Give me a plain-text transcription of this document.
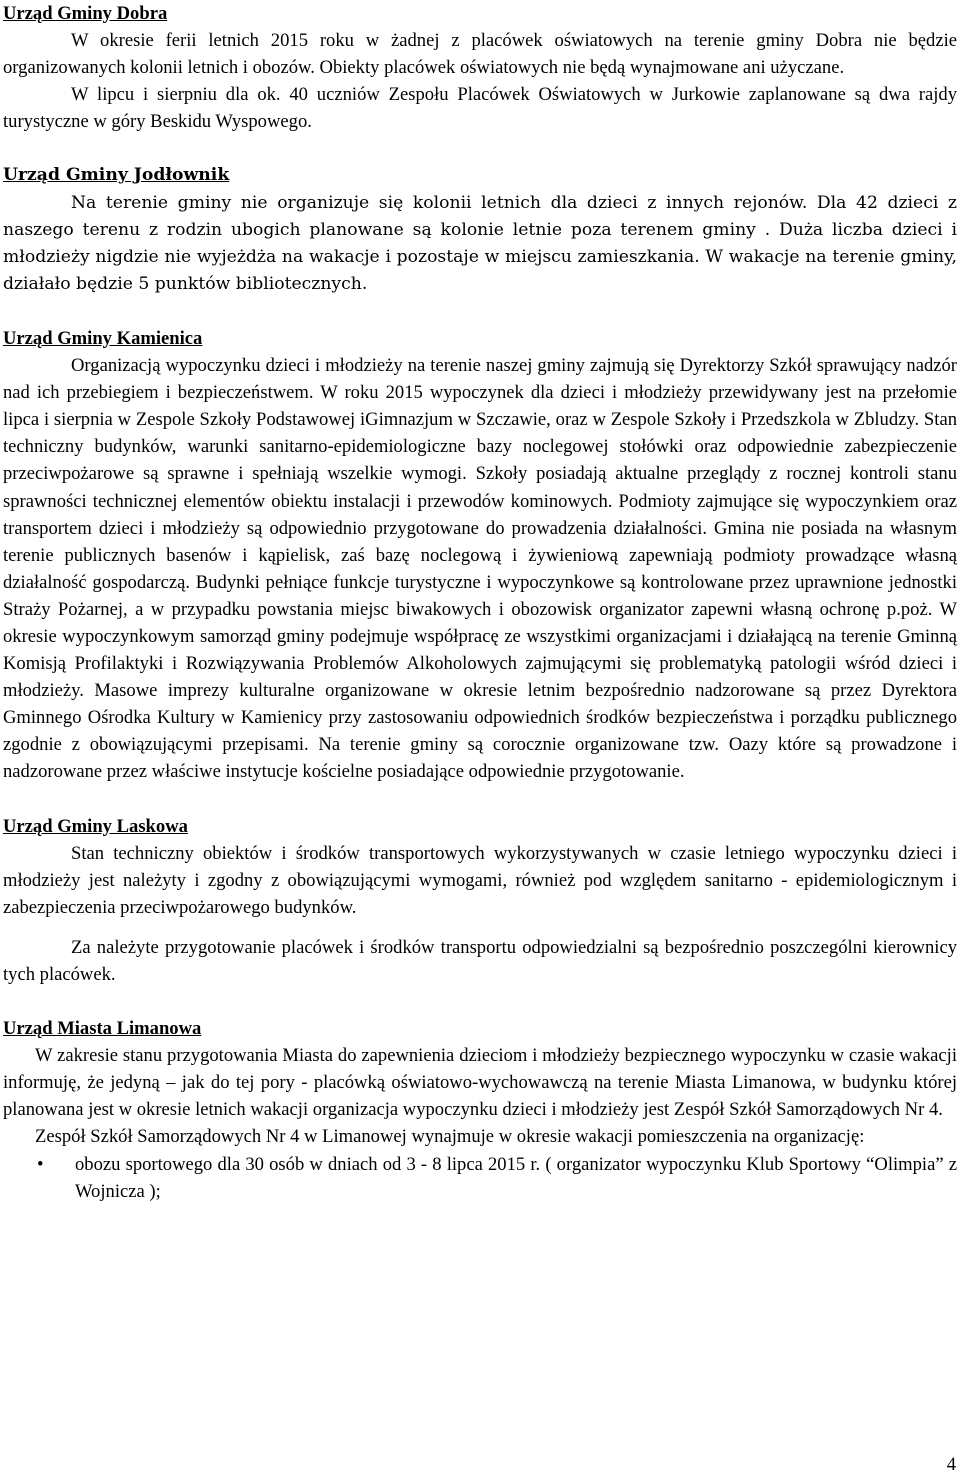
Urząd Gminy Dobra

W okresie ferii letnich 2015 roku w żadnej z placówek oświatowych na terenie gminy Dobra nie będzie organizowanych kolonii letnich i obozów. Obiekty placówek oświatowych nie będą wynajmowane ani użyczane.

W lipcu i sierpniu dla ok. 40 uczniów Zespołu Placówek Oświatowych w Jurkowie zaplanowane są dwa rajdy turystyczne w góry Beskidu Wyspowego.

Urząd Gminy Jodłownik

Na terenie gminy nie organizuje się kolonii letnich dla dzieci z innych rejonów. Dla 42 dzieci z naszego terenu z rodzin ubogich planowane są kolonie letnie poza terenem gminy . Duża liczba dzieci i młodzieży nigdzie nie wyjeżdża na wakacje i pozostaje w miejscu zamieszkania. W wakacje na terenie gminy, działało będzie 5 punktów bibliotecznych.

Urząd Gminy Kamienica

Organizacją wypoczynku dzieci i młodzieży na terenie naszej gminy zajmują się Dyrektorzy Szkół sprawujący nadzór nad ich przebiegiem i bezpieczeństwem. W roku 2015 wypoczynek dla dzieci i młodzieży przewidywany jest na przełomie lipca i sierpnia w Zespole Szkoły Podstawowej iGimnazjum w Szczawie, oraz w Zespole Szkoły i Przedszkola w Zbludzy. Stan techniczny budynków, warunki sanitarno-epidemiologiczne bazy noclegowej stołówki oraz odpowiednie zabezpieczenie przeciwpożarowe są sprawne i spełniają wszelkie wymogi. Szkoły posiadają aktualne przeglądy z rocznej kontroli stanu sprawności technicznej elementów obiektu instalacji i przewodów kominowych. Podmioty zajmujące się wypoczynkiem oraz transportem dzieci i młodzieży są odpowiednio przygotowane do prowadzenia działalności. Gmina nie posiada na własnym terenie publicznych basenów i kąpielisk, zaś bazę noclegową i żywieniową zapewniają podmioty prowadzące własną działalność gospodarczą. Budynki pełniące funkcje turystyczne i wypoczynkowe są kontrolowane przez uprawnione jednostki Straży Pożarnej, a w przypadku powstania miejsc biwakowych i obozowisk organizator zapewni własną ochronę p.poż. W okresie wypoczynkowym samorząd gminy podejmuje współpracę ze wszystkimi organizacjami i działającą na terenie Gminną Komisją Profilaktyki i Rozwiązywania Problemów Alkoholowych zajmującymi się problematyką patologii wśród dzieci i młodzieży. Masowe imprezy kulturalne organizowane w okresie letnim bezpośrednio nadzorowane są przez Dyrektora Gminnego Ośrodka Kultury w Kamienicy przy zastosowaniu odpowiednich środków bezpieczeństwa i porządku publicznego zgodnie z obowiązującymi przepisami. Na terenie gminy są corocznie organizowane tzw. Oazy które są prowadzone i nadzorowane przez właściwe instytucje kościelne posiadające odpowiednie przygotowanie.

Urząd Gminy Laskowa

Stan techniczny obiektów i środków transportowych wykorzystywanych w czasie letniego wypoczynku dzieci i młodzieży jest należyty i zgodny z obowiązującymi wymogami, również pod względem sanitarno - epidemiologicznym i zabezpieczenia przeciwpożarowego budynków.

Za należyte przygotowanie placówek i środków transportu odpowiedzialni są bezpośrednio poszczególni kierownicy tych placówek.

Urząd Miasta Limanowa

W zakresie stanu przygotowania Miasta do zapewnienia dzieciom i młodzieży bezpiecznego wypoczynku w czasie wakacji informuję, że jedyną – jak do tej pory - placówką oświatowo-wychowawczą na terenie Miasta Limanowa, w budynku której planowana jest w okresie letnich wakacji organizacja wypoczynku dzieci i młodzieży jest Zespół Szkół Samorządowych Nr 4.

Zespół Szkół Samorządowych Nr 4 w Limanowej wynajmuje w okresie wakacji pomieszczenia na organizację:

• obozu sportowego dla 30 osób w dniach od 3 - 8 lipca 2015 r. ( organizator wypoczynku Klub Sportowy “Olimpia” z Wojnicza );
4
